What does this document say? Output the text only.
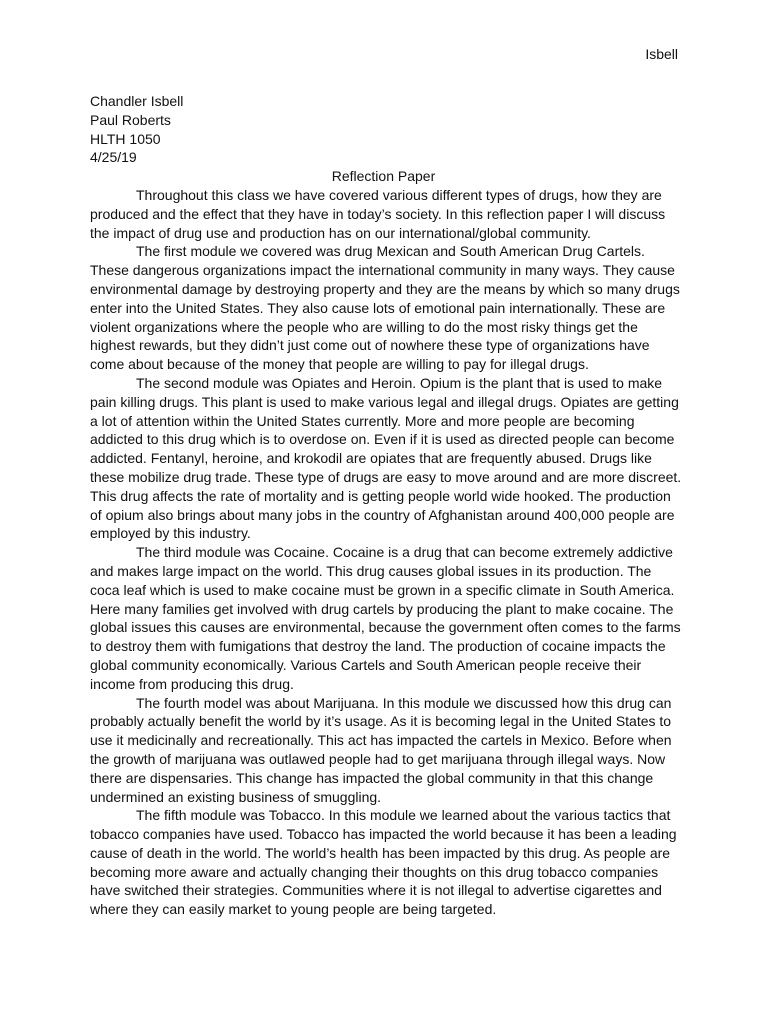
Isbell
Chandler Isbell
Paul Roberts
HLTH 1050
4/25/19
Reflection Paper
Throughout this class we have covered various different types of drugs, how they are
produced and the effect that they have in today’s society. In this reflection paper I will discuss
the impact of drug use and production has on our international/global community.
The first module we covered was drug Mexican and South American Drug Cartels.
These dangerous organizations impact the international community in many ways. They cause
environmental damage by destroying property and they are the means by which so many drugs
enter into the United States. They also cause lots of emotional pain internationally. These are
violent organizations where the people who are willing to do the most risky things get the
highest rewards, but they didn’t just come out of nowhere these type of organizations have
come about because of the money that people are willing to pay for illegal drugs.
The second module was Opiates and Heroin. Opium is the plant that is used to make
pain killing drugs. This plant is used to make various legal and illegal drugs. Opiates are getting
a lot of attention within the United States currently. More and more people are becoming
addicted to this drug which is to overdose on. Even if it is used as directed people can become
addicted. Fentanyl, heroine, and krokodil are opiates that are frequently abused. Drugs like
these mobilize drug trade. These type of drugs are easy to move around and are more discreet.
This drug affects the rate of mortality and is getting people world wide hooked. The production
of opium also brings about many jobs in the country of Afghanistan around 400,000 people are
employed by this industry.
The third module was Cocaine. Cocaine is a drug that can become extremely addictive
and makes large impact on the world. This drug causes global issues in its production. The
coca leaf which is used to make cocaine must be grown in a specific climate in South America.
Here many families get involved with drug cartels by producing the plant to make cocaine. The
global issues this causes are environmental, because the government often comes to the farms
to destroy them with fumigations that destroy the land. The production of cocaine impacts the
global community economically. Various Cartels and South American people receive their
income from producing this drug.
The fourth model was about Marijuana. In this module we discussed how this drug can
probably actually benefit the world by it’s usage. As it is becoming legal in the United States to
use it medicinally and recreationally. This act has impacted the cartels in Mexico. Before when
the growth of marijuana was outlawed people had to get marijuana through illegal ways. Now
there are dispensaries. This change has impacted the global community in that this change
undermined an existing business of smuggling.
The fifth module was Tobacco. In this module we learned about the various tactics that
tobacco companies have used. Tobacco has impacted the world because it has been a leading
cause of death in the world. The world’s health has been impacted by this drug. As people are
becoming more aware and actually changing their thoughts on this drug tobacco companies
have switched their strategies. Communities where it is not illegal to advertise cigarettes and
where they can easily market to young people are being targeted.
